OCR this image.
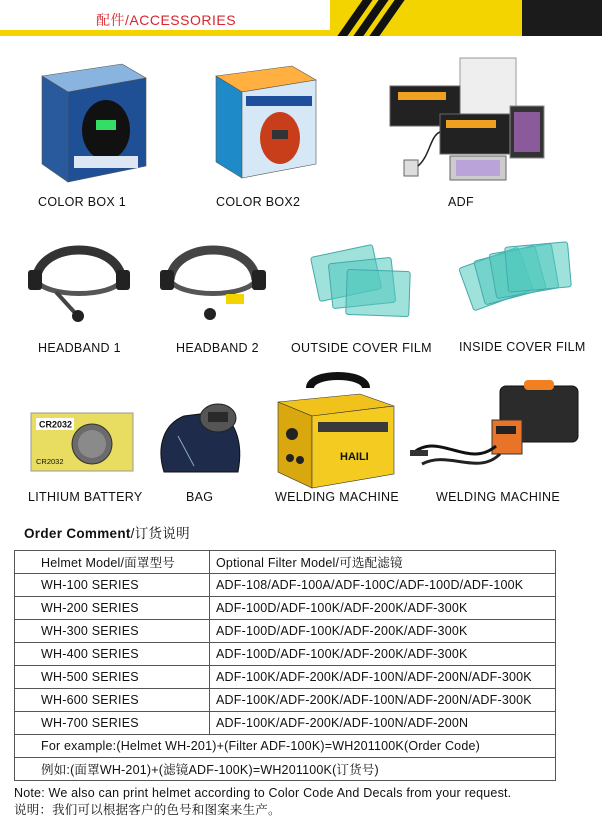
配件/ACCESSORIES
COLOR BOX 1	COLOR BOX2	ADF
HEADBAND 1	HEADBAND 2	OUTSIDE COVER FILM INSIDE COVER FILM
CR2032
CR2032
LITHIUM BATTERY	BAG
HAILI
WELDING MACHINE	WELDING MACHINE
Order Comment/订货说明
Helmet Model/面罩型号	Optional Filter Model/可选配滤镜
WH-100 SERIES	ADF-108/ADF-100A/ADF-100C/ADF-100D/ADF-100K
WH-200 SERIES	ADF-100D/ADF-100K/ADF-200K/ADF-300K
WH-300 SERIES	ADF-100D/ADF-100K/ADF-200K/ADF-300K
WH-400 SERIES	ADF-100D/ADF-100K/ADF-200K/ADF-300K
WH-500 SERIES	ADF-100K/ADF-200K/ADF-100N/ADF-200N/ADF-300K
WH-600 SERIES	ADF-100K/ADF-200K/ADF-100N/ADF-200N/ADF-300K
WH-700 SERIES	ADF-100K/ADF-200K/ADF-100N/ADF-200N
For example:(Helmet WH-201)+(Filter ADF-100K)=WH201100K(Order Code)	
例如:(面罩WH-201)+(滤镜ADF-100K)=WH201100K(订货号)	
Note: We also can print helmet according to Color Code And Decals from your request.
说明：我们可以根据客户的色号和图案来生产。
